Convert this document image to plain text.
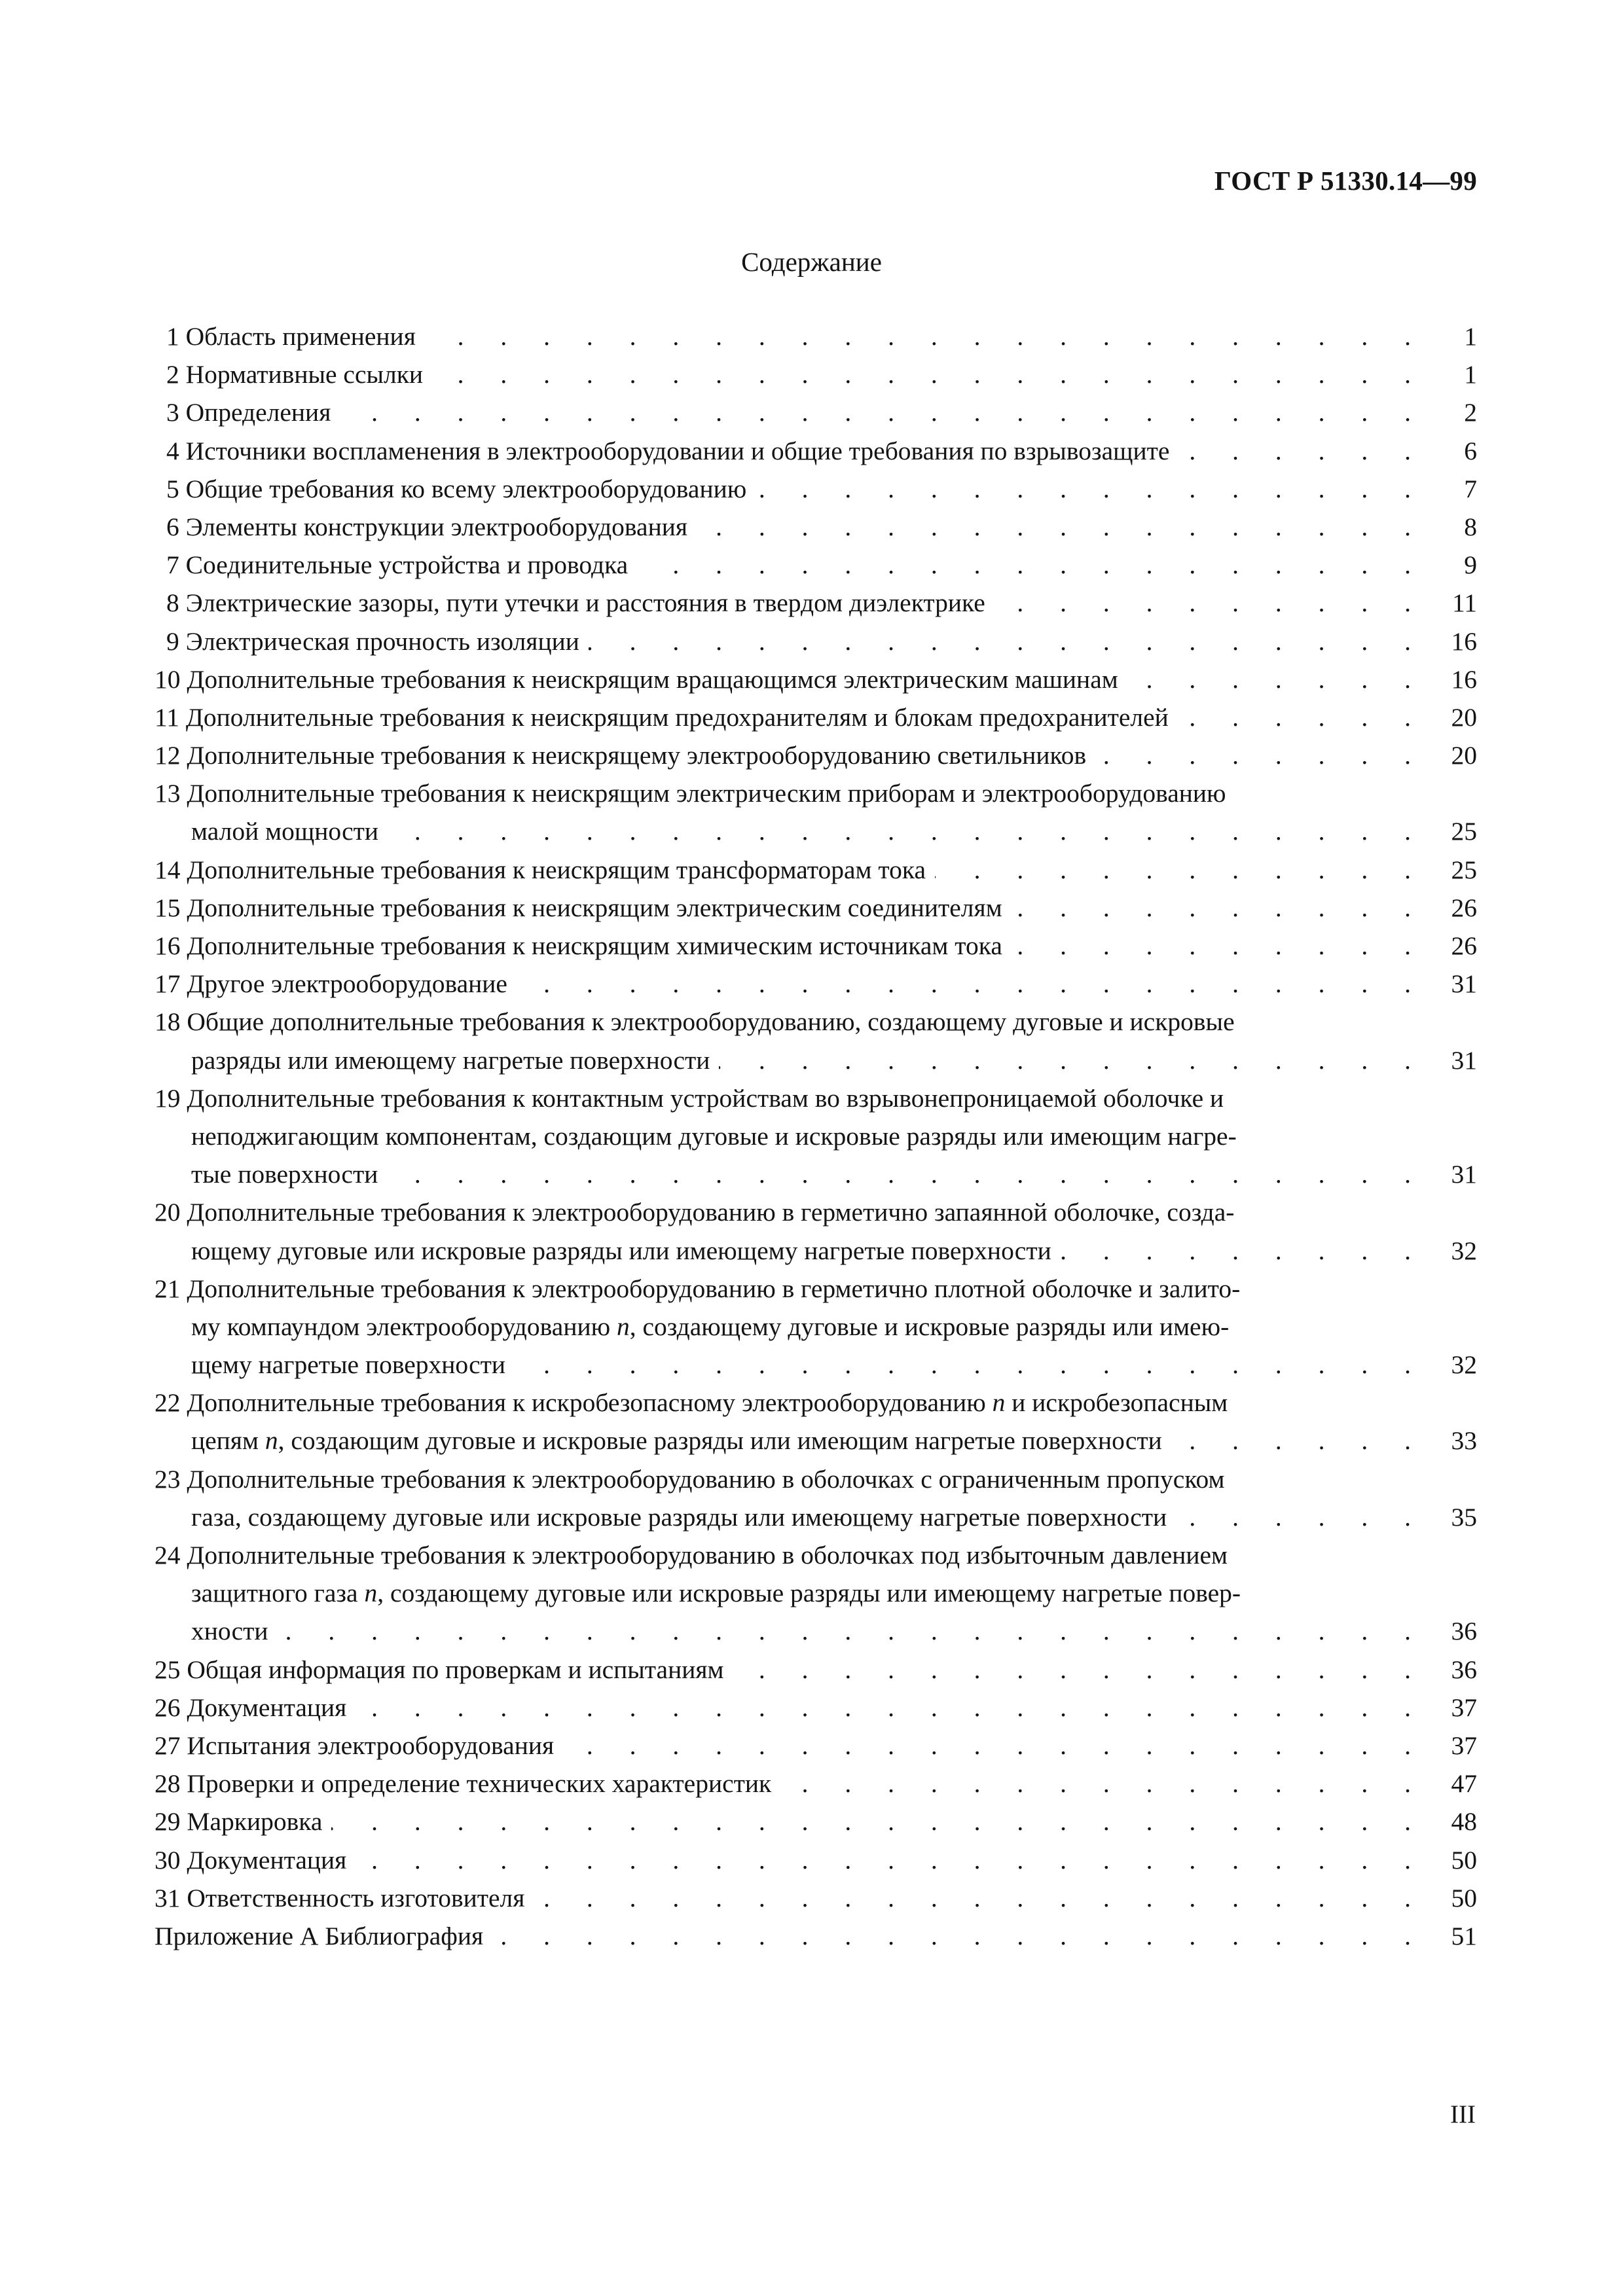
ГОСТ Р 51330.14—99
Содержание
1 Область применения . . .	1
2 Нормативные ссылки . . .	1
3 Определения . . .	2
4 Источники воспламенения в электрооборудовании и общие требования по взрывозащите . . .	6
5 Общие требования ко всему электрооборудованию . . .	7
6 Элементы конструкции электрооборудования . . .	8
7 Соединительные устройства и проводка . . .	9
8 Электрические зазоры, пути утечки и расстояния в твердом диэлектрике . . .	11
9 Электрическая прочность изоляции . . .	16
10 Дополнительные требования к неискрящим вращающимся электрическим машинам . . .	16
11 Дополнительные требования к неискрящим предохранителям и блокам предохранителей . . .	20
12 Дополнительные требования к неискрящему электрооборудованию светильников . . .	20
13 Дополнительные требования к неискрящим электрическим приборам и электрооборудованию
малой мощности . . .	25
14 Дополнительные требования к неискрящим трансформаторам тока . . .	25
15 Дополнительные требования к неискрящим электрическим соединителям . . .	26
16 Дополнительные требования к неискрящим химическим источникам тока . . .	26
17 Другое электрооборудование . . .	31
18 Общие дополнительные требования к электрооборудованию, создающему дуговые и искровые
разряды или имеющему нагретые поверхности . . .	31
19 Дополнительные требования к контактным устройствам во взрывонепроницаемой оболочке и
неподжигающим компонентам, создающим дуговые и искровые разряды или имеющим нагре-
тые поверхности . . .	31
20 Дополнительные требования к электрооборудованию в герметично запаянной оболочке, созда-
ющему дуговые или искровые разряды или имеющему нагретые поверхности . . .	32
21 Дополнительные требования к электрооборудованию в герметично плотной оболочке и залито-
му компаундом электрооборудованию n, создающему дуговые и искровые разряды или имею-
щему нагретые поверхности . . .	32
22 Дополнительные требования к искробезопасному электрооборудованию n и искробезопасным
цепям n, создающим дуговые и искровые разряды или имеющим нагретые поверхности . . .	33
23 Дополнительные требования к электрооборудованию в оболочках с ограниченным пропуском
газа, создающему дуговые или искровые разряды или имеющему нагретые поверхности . . .	35
24 Дополнительные требования к электрооборудованию в оболочках под избыточным давлением
защитного газа n, создающему дуговые или искровые разряды или имеющему нагретые повер-
хности . . .	36
25 Общая информация по проверкам и испытаниям . . .	36
26 Документация . . .	37
27 Испытания электрооборудования . . .	37
28 Проверки и определение технических характеристик . . .	47
29 Маркировка . . .	48
30 Документация . . .	50
31 Ответственность изготовителя . . .	50
Приложение А Библиография . . .	51
III
